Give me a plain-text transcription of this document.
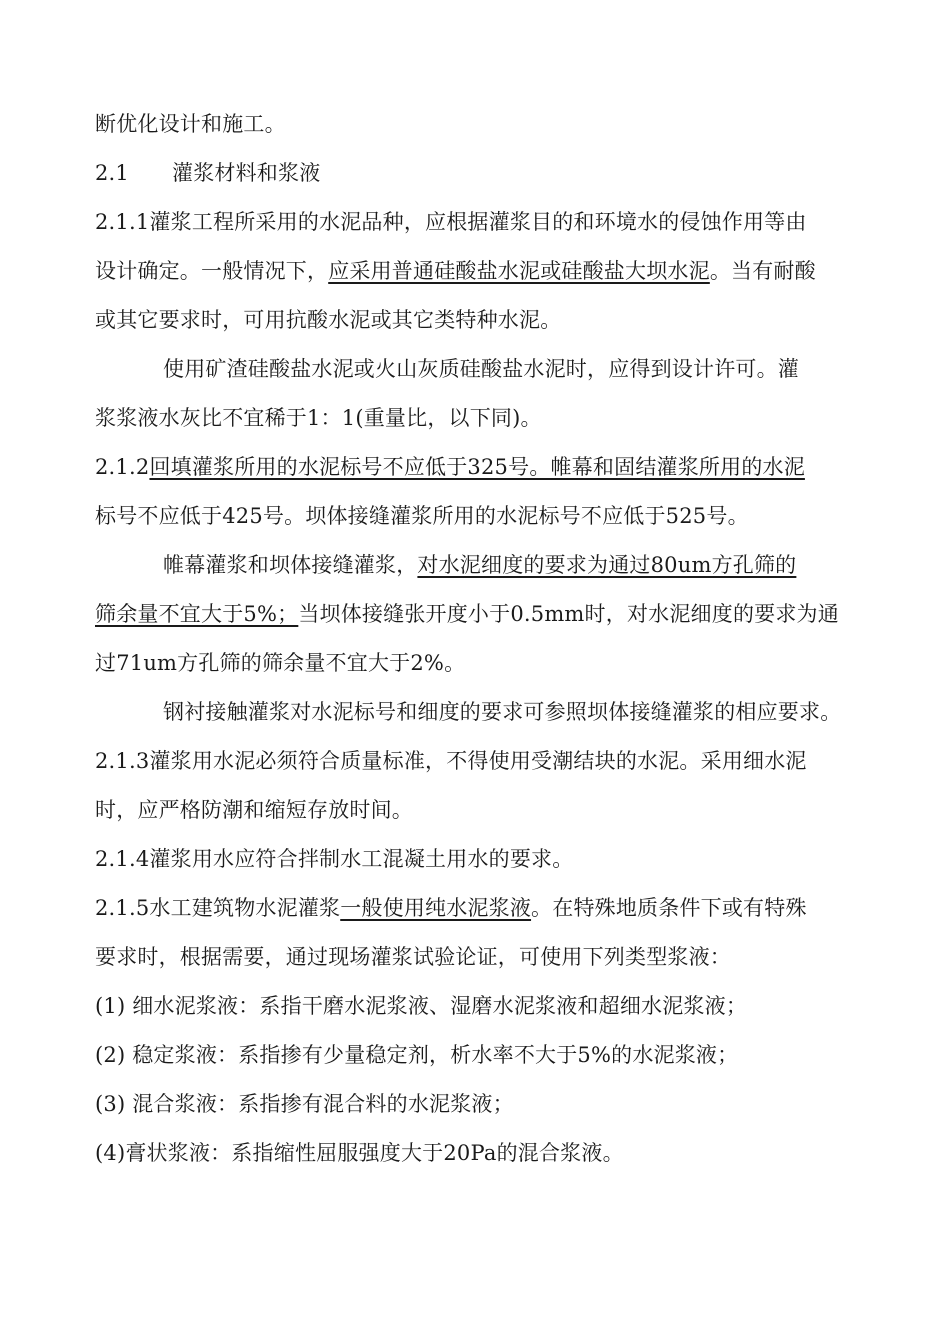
断优化设计和施工。
2.1 灌浆材料和浆液
2.1.1灌浆工程所采用的水泥品种，应根据灌浆目的和环境水的侵蚀作用等由
设计确定。一般情况下，应采用普通硅酸盐水泥或硅酸盐大坝水泥。当有耐酸
或其它要求时，可用抗酸水泥或其它类特种水泥。
使用矿渣硅酸盐水泥或火山灰质硅酸盐水泥时，应得到设计许可。灌
浆浆液水灰比不宜稀于1：1(重量比，以下同)。
2.1.2回填灌浆所用的水泥标号不应低于325号。帷幕和固结灌浆所用的水泥
标号不应低于425号。坝体接缝灌浆所用的水泥标号不应低于525号。
帷幕灌浆和坝体接缝灌浆，对水泥细度的要求为通过80um方孔筛的
筛余量不宜大于5%；当坝体接缝张开度小于0.5mm时，对水泥细度的要求为通
过71um方孔筛的筛余量不宜大于2%。
钢衬接触灌浆对水泥标号和细度的要求可参照坝体接缝灌浆的相应要求。
2.1.3灌浆用水泥必须符合质量标准，不得使用受潮结块的水泥。采用细水泥
时，应严格防潮和缩短存放时间。
2.1.4灌浆用水应符合拌制水工混凝土用水的要求。
2.1.5水工建筑物水泥灌浆一般使用纯水泥浆液。在特殊地质条件下或有特殊
要求时，根据需要，通过现场灌浆试验论证，可使用下列类型浆液：
(1) 细水泥浆液：系指干磨水泥浆液、湿磨水泥浆液和超细水泥浆液；
(2) 稳定浆液：系指掺有少量稳定剂，析水率不大于5%的水泥浆液；
(3) 混合浆液：系指掺有混合料的水泥浆液；
(4)膏状浆液：系指缩性屈服强度大于20Pa的混合浆液。
